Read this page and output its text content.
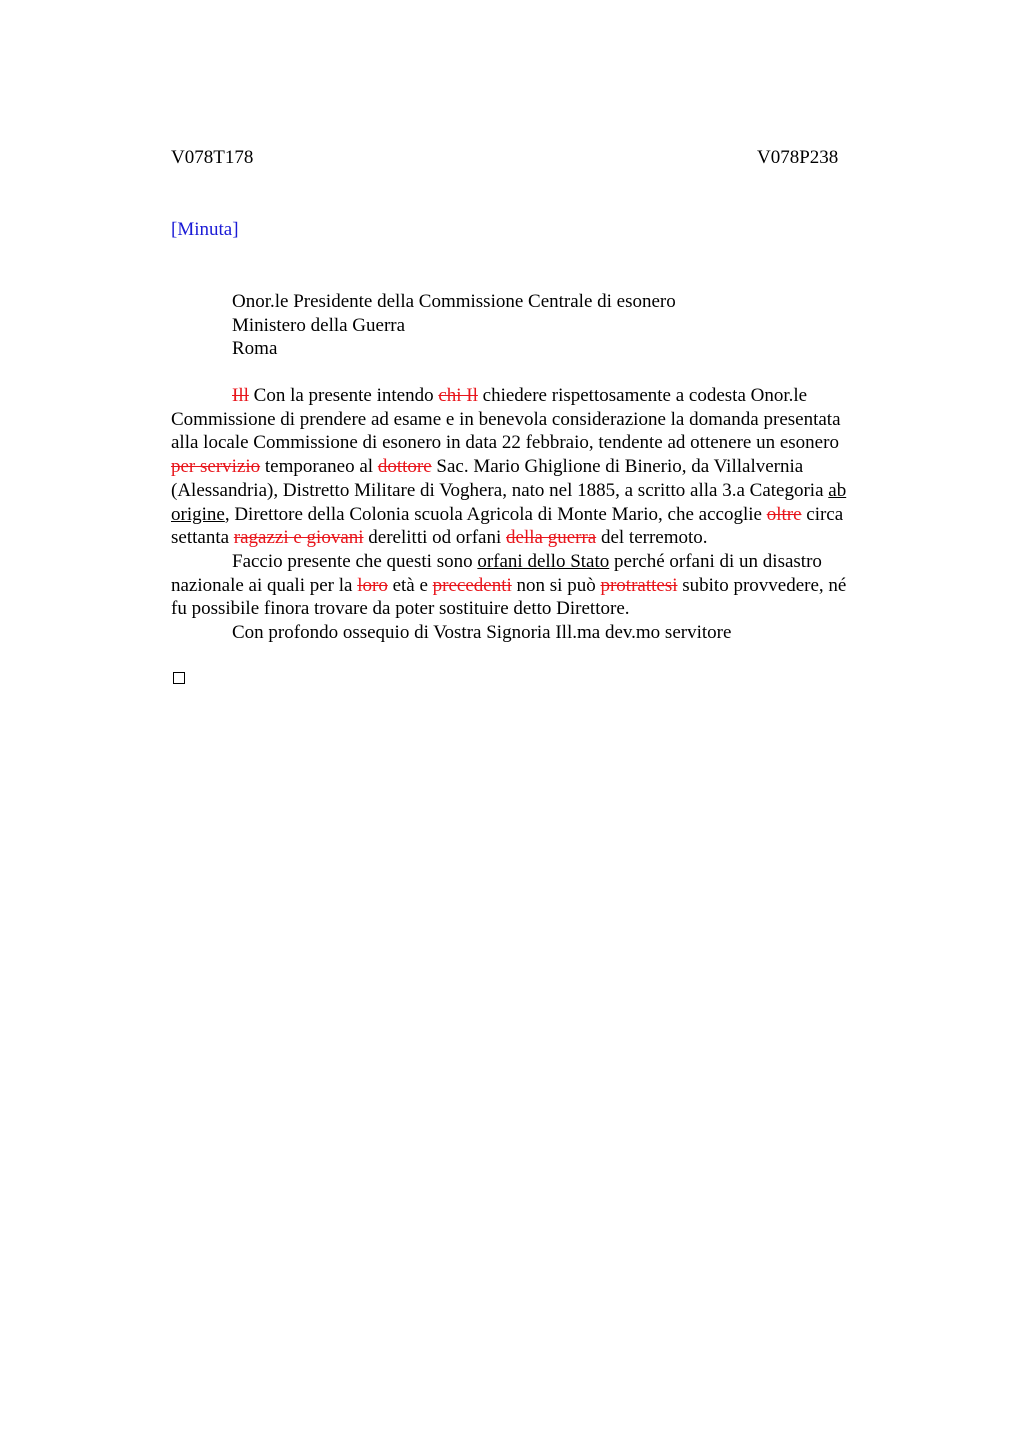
V078T178	V078P238
[Minuta]
Onor.le Presidente della Commissione Centrale di esonero
Ministero della Guerra
Roma
Ill Con la presente intendo chi Il chiedere rispettosamente a codesta Onor.le
Commissione di prendere ad esame e in benevola considerazione la domanda presentata
alla locale Commissione di esonero in data 22 febbraio, tendente ad ottenere un esonero
per servizio temporaneo al dottore Sac. Mario Ghiglione di Binerio, da Villalvernia
(Alessandria), Distretto Militare di Voghera, nato nel 1885, a scritto alla 3.a Categoria ab
origine, Direttore della Colonia scuola Agricola di Monte Mario, che accoglie oltre circa
settanta ragazzi e giovani derelitti od orfani della guerra del terremoto.
Faccio presente che questi sono orfani dello Stato perché orfani di un disastro
nazionale ai quali per la loro età e precedenti non si può protrattesi subito provvedere, né
fu possibile finora trovare da poter sostituire detto Direttore.
Con profondo ossequio di Vostra Signoria Ill.ma dev.mo servitore
